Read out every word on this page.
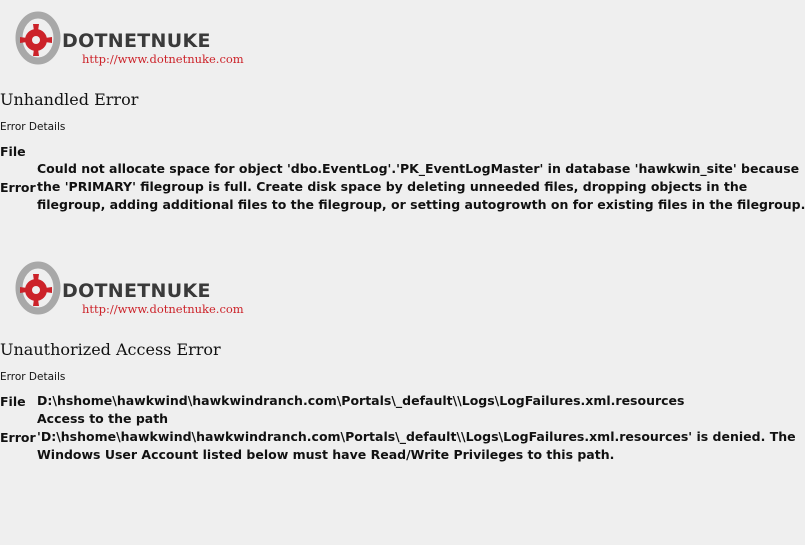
DOTNETNUKE
http://www.dotnetnuke.com
Unhandled Error
Error Details
File
Error
Could not allocate space for object 'dbo.EventLog'.'PK_EventLogMaster' in database 'hawkwin_site' because
the 'PRIMARY' filegroup is full. Create disk space by deleting unneeded files, dropping objects in the
filegroup, adding additional files to the filegroup, or setting autogrowth on for existing files in the filegroup.
DOTNETNUKE
http://www.dotnetnuke.com
Unauthorized Access Error
Error Details
File D:\hshome\hawkwind\hawkwindranch.com\Portals\_default\\Logs\LogFailures.xml.resources
Error
Access to the path
'D:\hshome\hawkwind\hawkwindranch.com\Portals\_default\\Logs\LogFailures.xml.resources' is denied. The
Windows User Account listed below must have Read/Write Privileges to this path.
